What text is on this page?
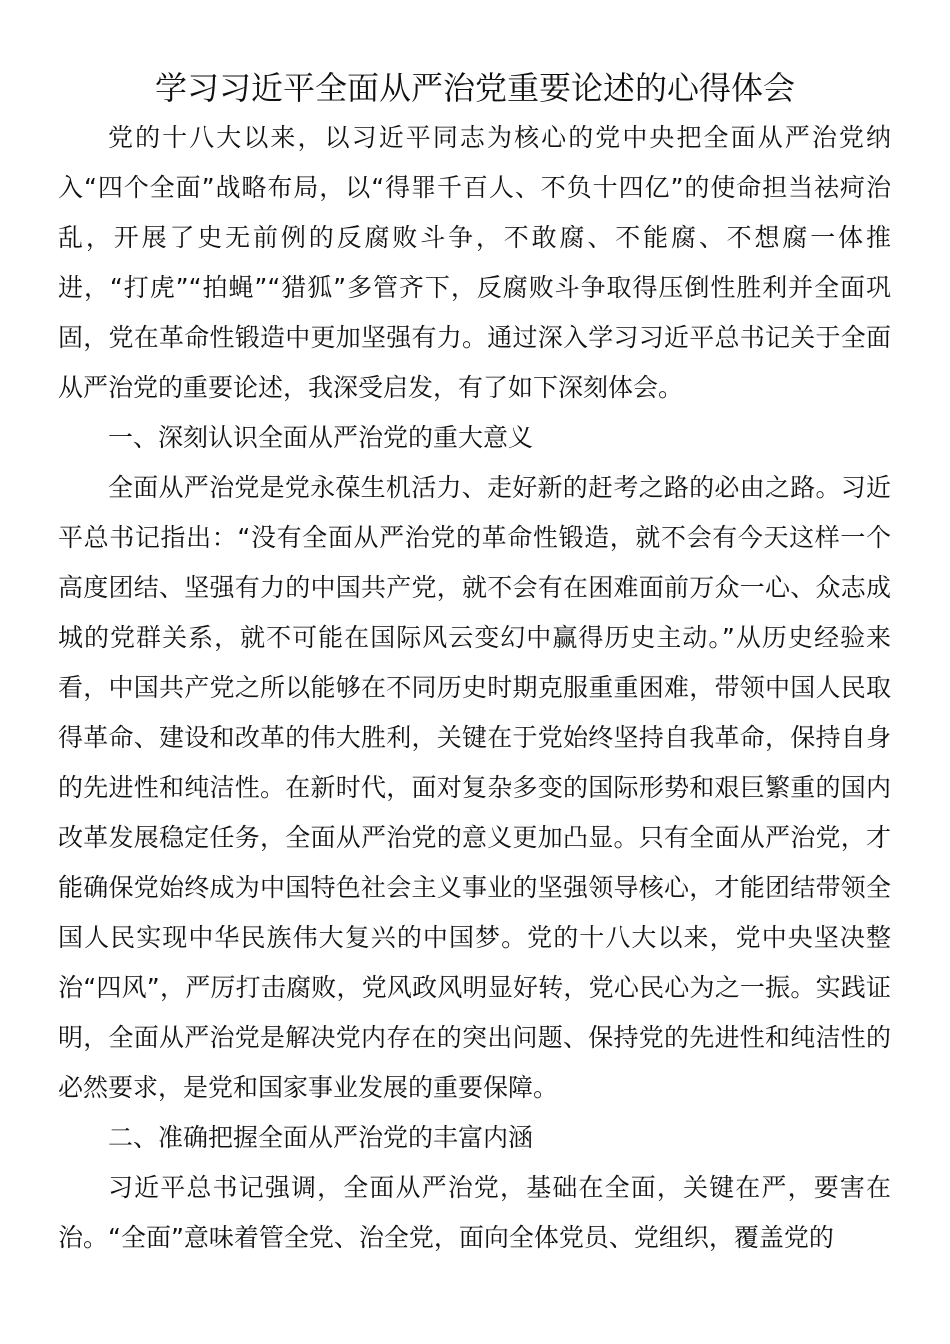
学习习近平全面从严治党重要论述的心得体会

党的十八大以来，以习近平同志为核心的党中央把全面从严治党纳入“四个全面”战略布局，以“得罪千百人、不负十四亿”的使命担当祛疴治乱，开展了史无前例的反腐败斗争，不敢腐、不能腐、不想腐一体推进，“打虎”“拍蝇”“猎狐”多管齐下，反腐败斗争取得压倒性胜利并全面巩固，党在革命性锻造中更加坚强有力。通过深入学习习近平总书记关于全面从严治党的重要论述，我深受启发，有了如下深刻体会。

一、深刻认识全面从严治党的重大意义

全面从严治党是党永葆生机活力、走好新的赶考之路的必由之路。习近平总书记指出：“没有全面从严治党的革命性锻造，就不会有今天这样一个高度团结、坚强有力的中国共产党，就不会有在困难面前万众一心、众志成城的党群关系，就不可能在国际风云变幻中赢得历史主动。”从历史经验来看，中国共产党之所以能够在不同历史时期克服重重困难，带领中国人民取得革命、建设和改革的伟大胜利，关键在于党始终坚持自我革命，保持自身的先进性和纯洁性。在新时代，面对复杂多变的国际形势和艰巨繁重的国内改革发展稳定任务，全面从严治党的意义更加凸显。只有全面从严治党，才能确保党始终成为中国特色社会主义事业的坚强领导核心，才能团结带领全国人民实现中华民族伟大复兴的中国梦。党的十八大以来，党中央坚决整治“四风”，严厉打击腐败，党风政风明显好转，党心民心为之一振。实践证明，全面从严治党是解决党内存在的突出问题、保持党的先进性和纯洁性的必然要求，是党和国家事业发展的重要保障。

二、准确把握全面从严治党的丰富内涵

习近平总书记强调，全面从严治党，基础在全面，关键在严，要害在治。“全面”意味着管全党、治全党，面向全体党员、党组织，覆盖党的
